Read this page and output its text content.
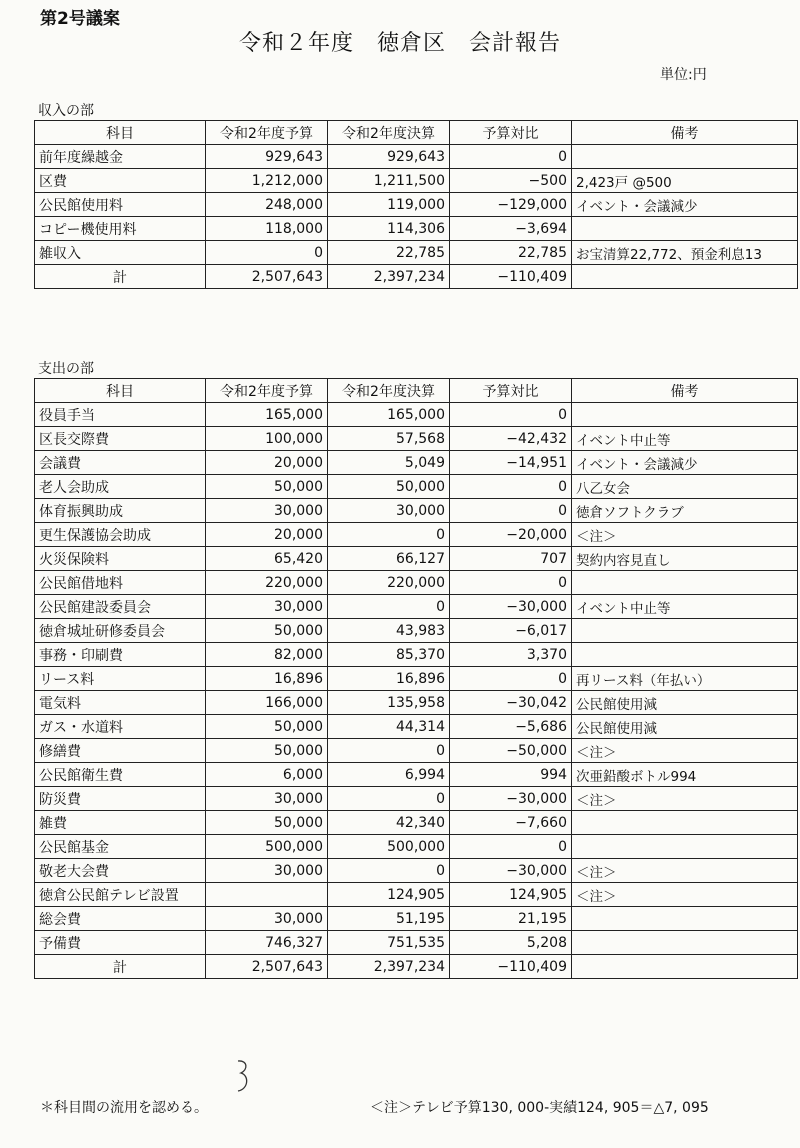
第2号議案
令和２年度　徳倉区　会計報告
単位:円
収入の部
科目	令和2年度予算	令和2年度決算	予算対比	備考
前年度繰越金	929,643	929,643	0	
区費	1,212,000	1,211,500	−500	2,423戸 @500
公民館使用料	248,000	119,000	−129,000	イベント・会議減少
コピー機使用料	118,000	114,306	−3,694	
雑収入	0	22,785	22,785	お宝清算22,772、預金利息13
計	2,507,643	2,397,234	−110,409	
支出の部
科目	令和2年度予算	令和2年度決算	予算対比	備考
役員手当	165,000	165,000	0	
区長交際費	100,000	57,568	−42,432	イベント中止等
会議費	20,000	5,049	−14,951	イベント・会議減少
老人会助成	50,000	50,000	0	八乙女会
体育振興助成	30,000	30,000	0	徳倉ソフトクラブ
更生保護協会助成	20,000	0	−20,000	＜注＞
火災保険料	65,420	66,127	707	契約内容見直し
公民館借地料	220,000	220,000	0	
公民館建設委員会	30,000	0	−30,000	イベント中止等
徳倉城址研修委員会	50,000	43,983	−6,017	
事務・印刷費	82,000	85,370	3,370	
リース料	16,896	16,896	0	再リース料（年払い）
電気料	166,000	135,958	−30,042	公民館使用減
ガス・水道料	50,000	44,314	−5,686	公民館使用減
修繕費	50,000	0	−50,000	＜注＞
公民館衛生費	6,000	6,994	994	次亜鉛酸ボトル994
防災費	30,000	0	−30,000	＜注＞
雑費	50,000	42,340	−7,660	
公民館基金	500,000	500,000	0	
敬老大会費	30,000	0	−30,000	＜注＞
徳倉公民館テレビ設置		124,905	124,905	＜注＞
総会費	30,000	51,195	21,195	
予備費	746,327	751,535	5,208	
計	2,507,643	2,397,234	−110,409	
＊科目間の流用を認める。	＜注＞テレビ予算130, 000-実績124, 905＝△7, 095
